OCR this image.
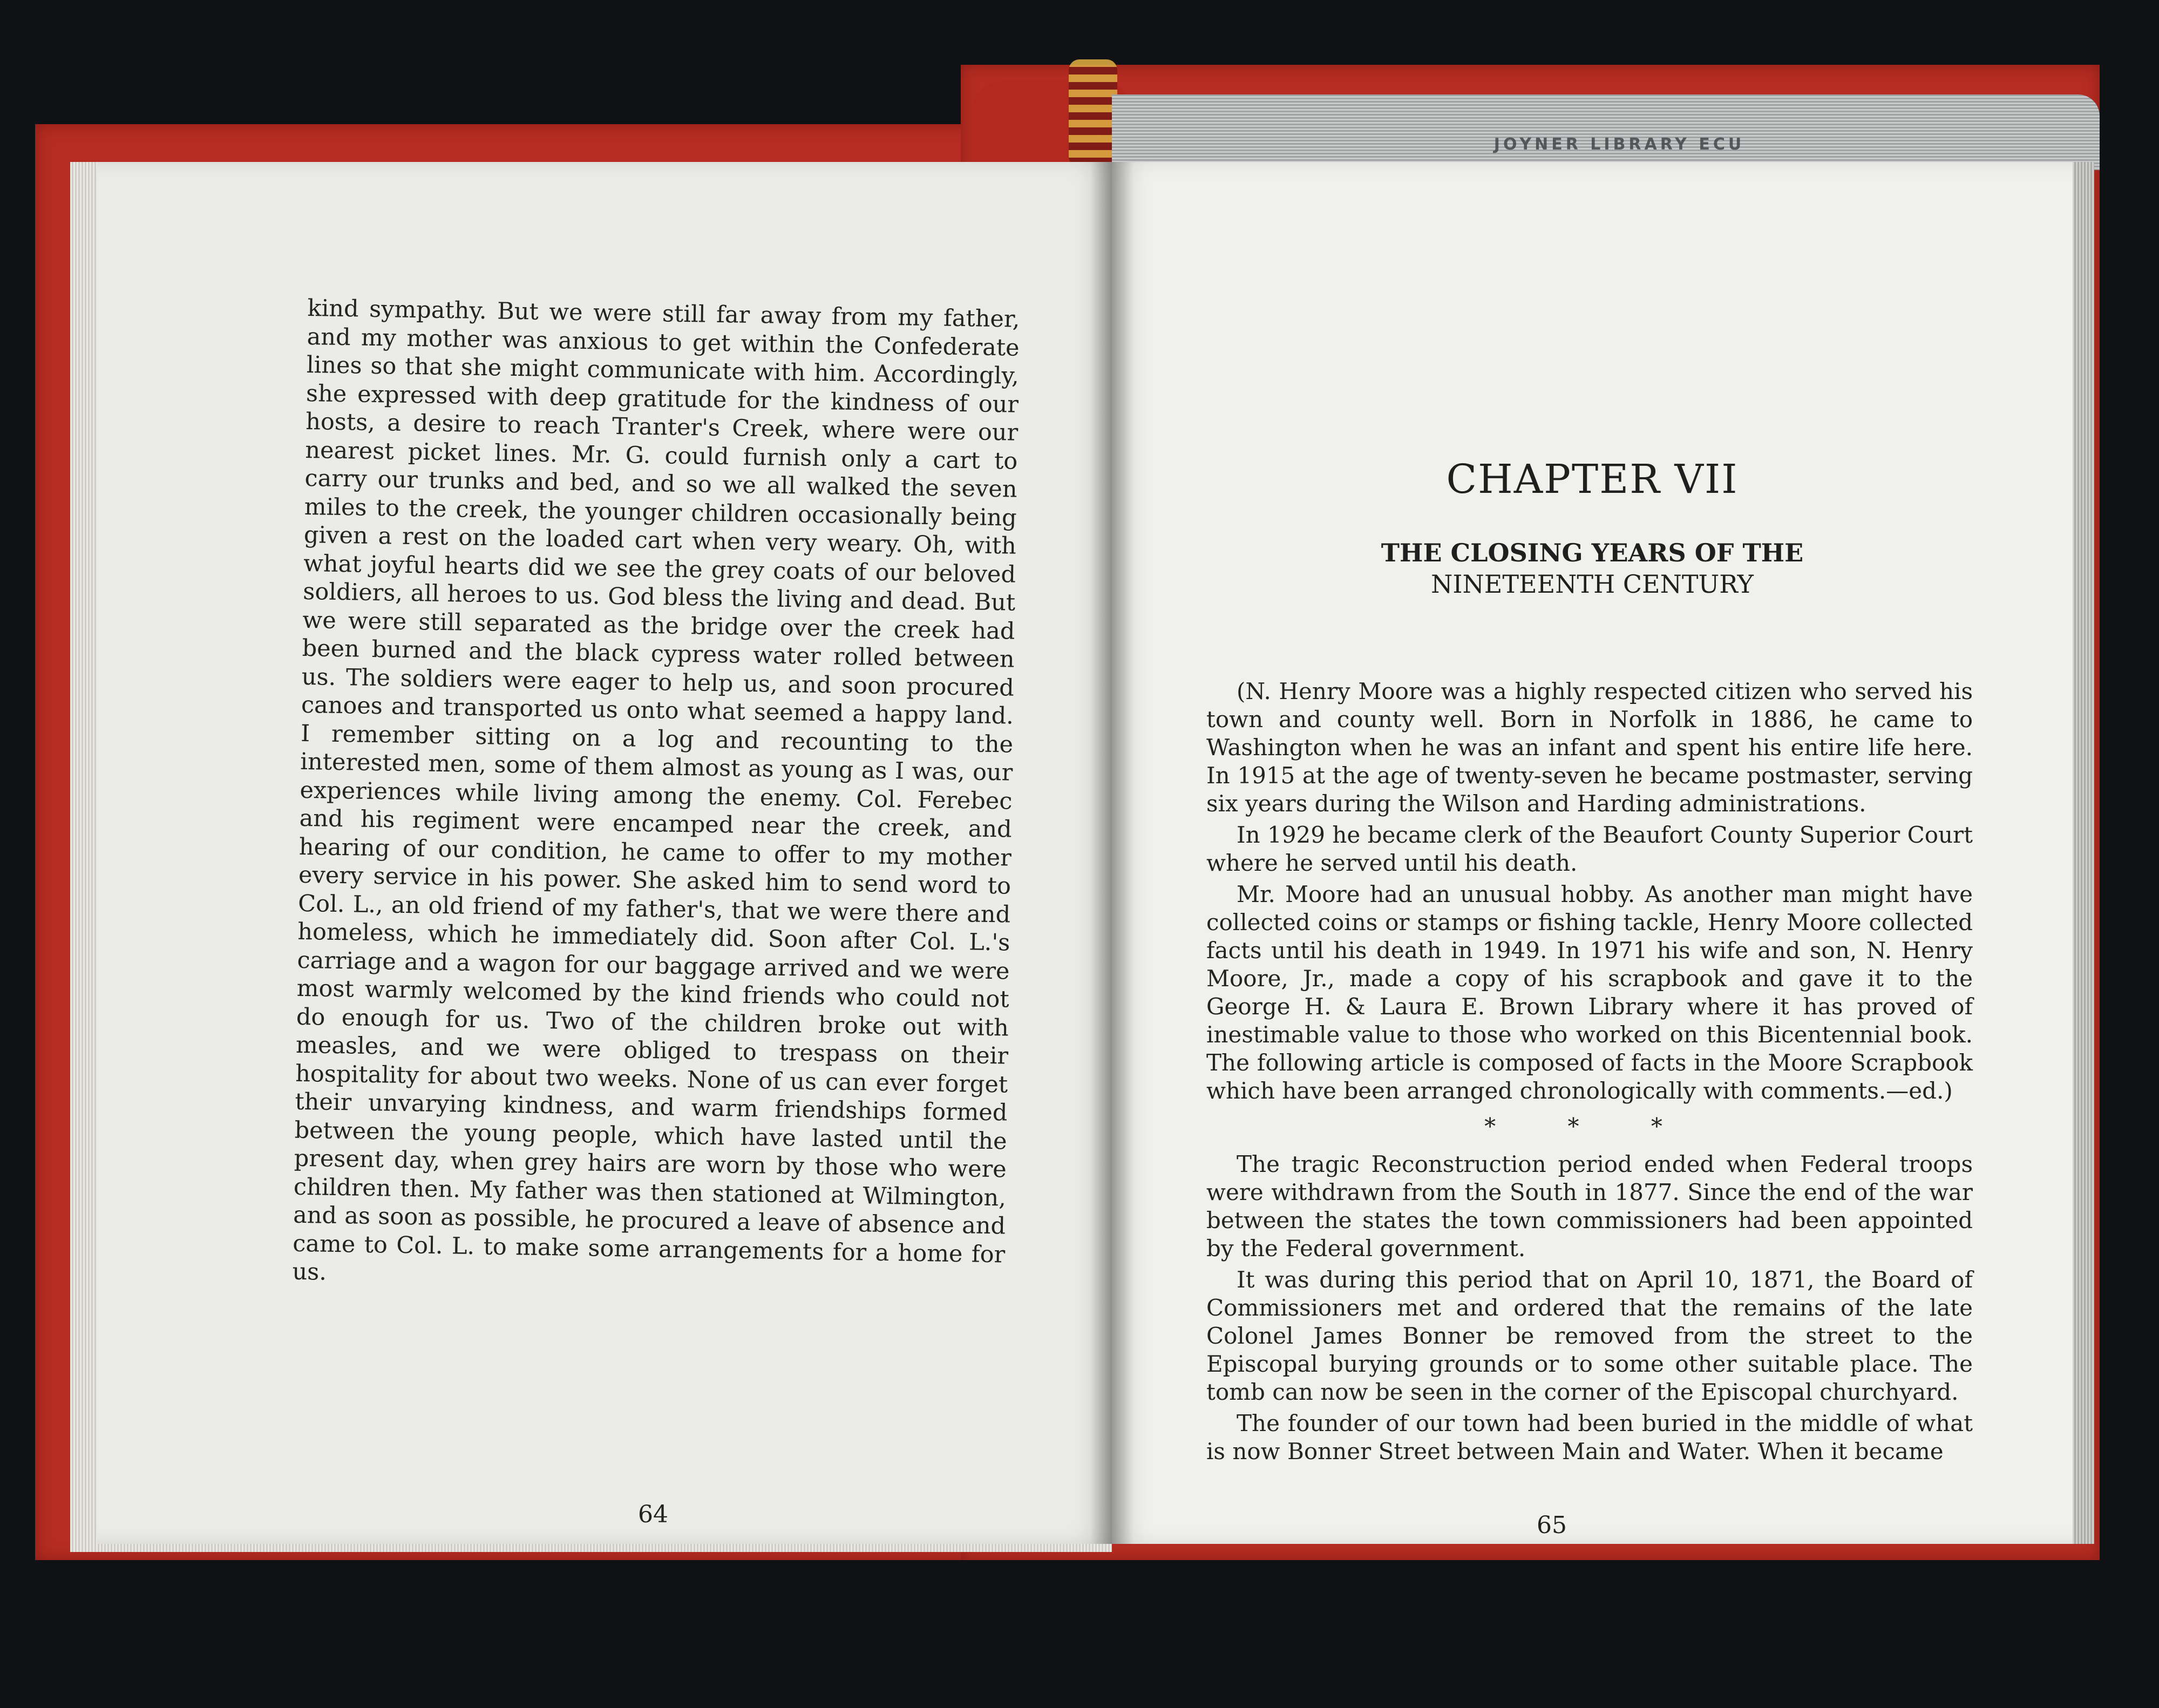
JOYNER LIBRARY ECU

kind sympathy. But we were still far away from my father, and my mother was anxious to get within the Confederate lines so that she might communicate with him. Accordingly, she expressed with deep gratitude for the kindness of our hosts, a desire to reach Tranter's Creek, where were our nearest picket lines. Mr. G. could furnish only a cart to carry our trunks and bed, and so we all walked the seven miles to the creek, the younger children occasionally being given a rest on the loaded cart when very weary. Oh, with what joyful hearts did we see the grey coats of our beloved soldiers, all heroes to us. God bless the living and dead. But we were still separated as the bridge over the creek had been burned and the black cypress water rolled between us. The soldiers were eager to help us, and soon procured canoes and transported us onto what seemed a happy land. I remember sitting on a log and recounting to the interested men, some of them almost as young as I was, our experiences while living among the enemy. Col. Ferebec and his regiment were encamped near the creek, and hearing of our condition, he came to offer to my mother every service in his power. She asked him to send word to Col. L., an old friend of my father's, that we were there and homeless, which he immediately did. Soon after Col. L.'s carriage and a wagon for our baggage arrived and we were most warmly welcomed by the kind friends who could not do enough for us. Two of the children broke out with measles, and we were obliged to trespass on their hospitality for about two weeks. None of us can ever forget their unvarying kindness, and warm friendships formed between the young people, which have lasted until the present day, when grey hairs are worn by those who were children then. My father was then stationed at Wilmington, and as soon as possible, he procured a leave of absence and came to Col. L. to make some arrangements for a home for us.

64
CHAPTER VII
THE CLOSING YEARS OF THE
NINETEENTH CENTURY

(N. Henry Moore was a highly respected citizen who served his town and county well. Born in Norfolk in 1886, he came to Washington when he was an infant and spent his entire life here. In 1915 at the age of twenty-seven he became postmaster, serving six years during the Wilson and Harding administrations.

In 1929 he became clerk of the Beaufort County Superior Court where he served until his death.

Mr. Moore had an unusual hobby. As another man might have collected coins or stamps or fishing tackle, Henry Moore collected facts until his death in 1949. In 1971 his wife and son, N. Henry Moore, Jr., made a copy of his scrapbook and gave it to the George H. & Laura E. Brown Library where it has proved of inestimable value to those who worked on this Bicentennial book. The following article is composed of facts in the Moore Scrapbook which have been arranged chronologically with comments.—ed.)

* * *

The tragic Reconstruction period ended when Federal troops were withdrawn from the South in 1877. Since the end of the war between the states the town commissioners had been appointed by the Federal government.

It was during this period that on April 10, 1871, the Board of Commissioners met and ordered that the remains of the late Colonel James Bonner be removed from the street to the Episcopal burying grounds or to some other suitable place. The tomb can now be seen in the corner of the Episcopal churchyard.

The founder of our town had been buried in the middle of what is now Bonner Street between Main and Water. When it became

65
